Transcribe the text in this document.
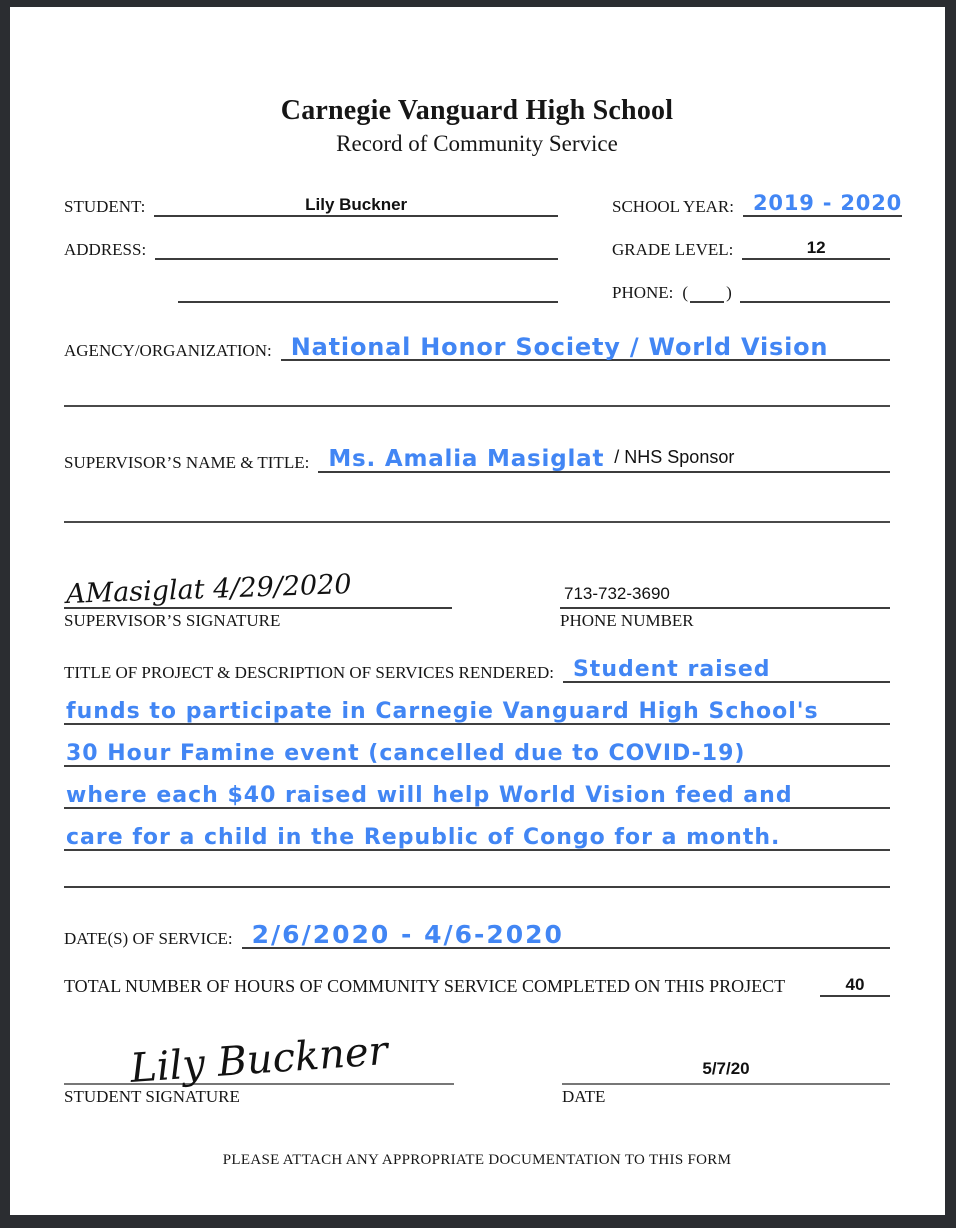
Carnegie Vanguard High School
Record of Community Service
STUDENT:	Lily Buckner	SCHOOL YEAR: 2019 - 2020
ADDRESS:	GRADE LEVEL:	12
PHONE: ( )
AGENCY/ORGANIZATION: National Honor Society / World Vision
SUPERVISOR’S NAME & TITLE: Ms. Amalia Masiglat / NHS Sponsor
AMasiglat 4/29/2020
SUPERVISOR’S SIGNATURE
713-732-3690
PHONE NUMBER
TITLE OF PROJECT & DESCRIPTION OF SERVICES RENDERED: Student raised
funds to participate in Carnegie Vanguard High School's
30 Hour Famine event (cancelled due to COVID-19)
where each $40 raised will help World Vision feed and
care for a child in the Republic of Congo for a month.
DATE(S) OF SERVICE: 2/6/2020 - 4/6-2020
TOTAL NUMBER OF HOURS OF COMMUNITY SERVICE COMPLETED ON THIS PROJECT	40
Lily Buckner
STUDENT SIGNATURE
5/7/20
DATE
PLEASE ATTACH ANY APPROPRIATE DOCUMENTATION TO THIS FORM
